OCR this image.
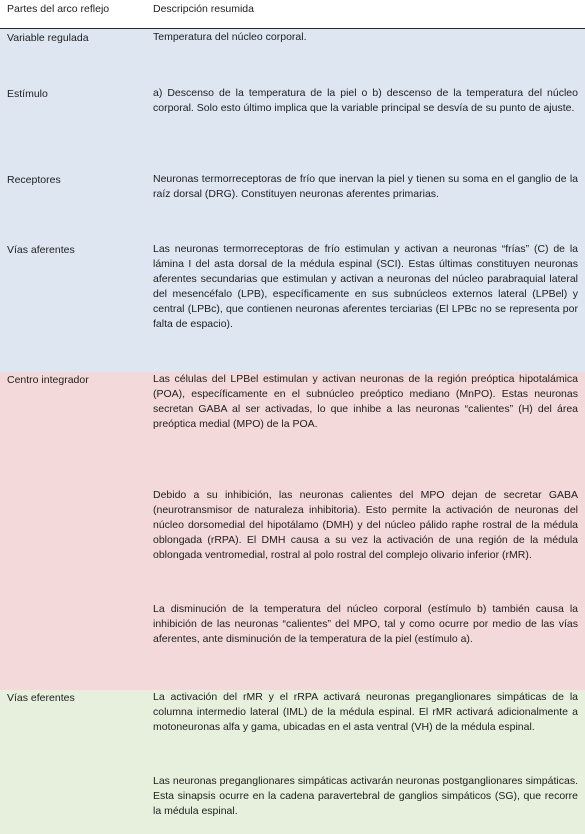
Partes del arco reflejo	Descripción resumida
Variable regulada	Temperatura del núcleo corporal.
Estímulo	a) Descenso de la temperatura de la piel o b) descenso de la temperatura del núcleo corporal. Solo esto último implica que la variable principal se desvía de su punto de ajuste.
Receptores	Neuronas termorreceptoras de frío que inervan la piel y tienen su soma en el ganglio de la raíz dorsal (DRG). Constituyen neuronas aferentes primarias.
Vías aferentes	Las neuronas termorreceptoras de frío estimulan y activan a neuronas “frías” (C) de la lámina I del asta dorsal de la médula espinal (SCI). Estas últimas constituyen neuronas aferentes secundarias que estimulan y activan a neuronas del núcleo parabraquial lateral del mesencéfalo (LPB), específicamente en sus subnúcleos externos lateral (LPBel) y central (LPBc), que contienen neuronas aferentes terciarias (El LPBc no se representa por falta de espacio).
Centro integrador	Las células del LPBel estimulan y activan neuronas de la región preóptica hipotalámica (POA), específicamente en el subnúcleo preóptico mediano (MnPO). Estas neuronas secretan GABA al ser activadas, lo que inhibe a las neuronas “calientes” (H) del área preóptica medial (MPO) de la POA.
Debido a su inhibición, las neuronas calientes del MPO dejan de secretar GABA (neurotransmisor de naturaleza inhibitoria). Esto permite la activación de neuronas del núcleo dorsomedial del hipotálamo (DMH) y del núcleo pálido raphe rostral de la médula oblongada (rRPA). El DMH causa a su vez la activación de una región de la médula oblongada ventromedial, rostral al polo rostral del complejo olivario inferior (rMR).
La disminución de la temperatura del núcleo corporal (estímulo b) también causa la inhibición de las neuronas “calientes” del MPO, tal y como ocurre por medio de las vías aferentes, ante disminución de la temperatura de la piel (estímulo a).
Vías eferentes	La activación del rMR y el rRPA activará neuronas preganglionares simpáticas de la columna intermedio lateral (IML) de la médula espinal. El rMR activará adicionalmente a motoneuronas alfa y gama, ubicadas en el asta ventral (VH) de la médula espinal.
Las neuronas preganglionares simpáticas activarán neuronas postganglionares simpáticas. Esta sinapsis ocurre en la cadena paravertebral de ganglios simpáticos (SG), que recorre la médula espinal.
